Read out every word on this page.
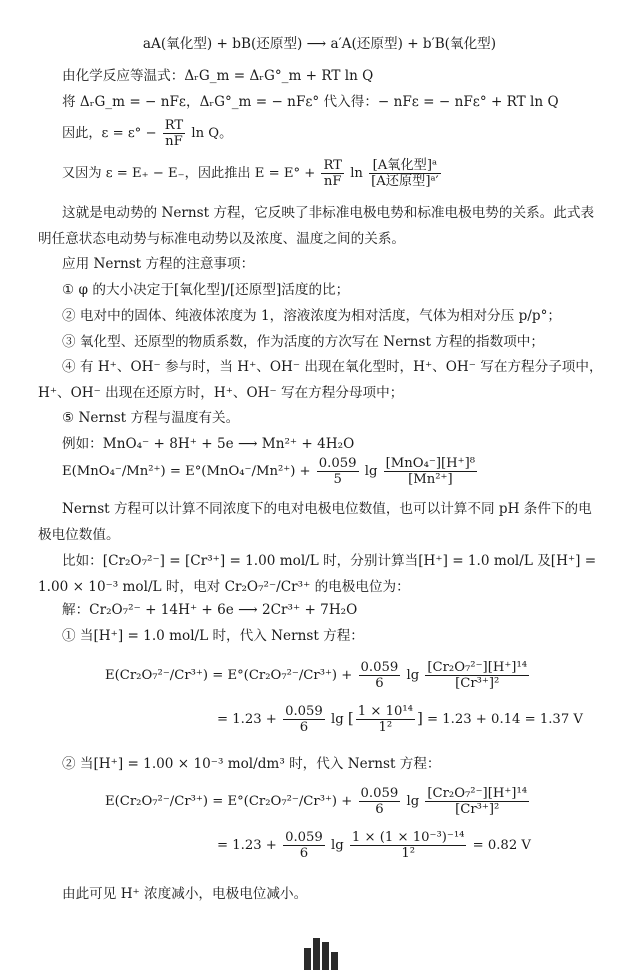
aA(氧化型) + bB(还原型) ⟶ a′A(还原型) + b′B(氧化型)
由化学反应等温式：ΔᵣG_m = ΔᵣG°_m + RT ln Q
将 ΔᵣG_m = − nFε，ΔᵣG°_m = − nFε° 代入得：− nFε = − nFε° + RT ln Q
因此，$\varepsilon = \varepsilon^\circ - \frac{RT}{nF}$ ln Q。
又因为 ε = E₊ − E₋，因此推出 $E = E^\circ + \frac{RT}{nF}$ $\ln \frac{\text{[A氧化型]ᵃ}}{\text{[A还原型]ᵃ′}}$
这就是电动势的 Nernst 方程，它反映了非标准电极电势和标准电极电势的关系。此式表明任意状态电动势与标准电动势以及浓度、温度之间的关系。
应用 Nernst 方程的注意事项：
① φ 的大小决定于[氧化型]/[还原型]活度的比；
② 电对中的固体、纯液体浓度为 1，溶液浓度为相对活度，气体为相对分压 p/p°；
③ 氧化型、还原型的物质系数，作为活度的方次写在 Nernst 方程的指数项中；
④ 有 H⁺、OH⁻ 参与时，当 H⁺、OH⁻ 出现在氧化型时，H⁺、OH⁻ 写在方程分子项中，H⁺、OH⁻ 出现在还原方时，H⁺、OH⁻ 写在方程分母项中；
⑤ Nernst 方程与温度有关。
例如：MnO₄⁻ + 8H⁺ + 5e ⟶ Mn²⁺ + 4H₂O
$E(MnO_4^-/Mn^{2+}) = E^\circ(MnO_4^-/Mn^{2+}) + \frac{0.059}{5}$ $\lg \frac{\text{[MnO₄⁻][H⁺]⁸}}{\text{[Mn²⁺]}}$
Nernst 方程可以计算不同浓度下的电对电极电位数值，也可以计算不同 pH 条件下的电极电位数值。
比如：[Cr₂O₇²⁻] = [Cr³⁺] = 1.00 mol/L 时，分别计算当[H⁺] = 1.0 mol/L 及[H⁺] = 1.00 × 10⁻³ mol/L 时，电对 Cr₂O₇²⁻/Cr³⁺ 的电极电位为：
解：Cr₂O₇²⁻ + 14H⁺ + 6e ⟶ 2Cr³⁺ + 7H₂O
① 当[H⁺] = 1.0 mol/L 时，代入 Nernst 方程：
$E(Cr_2O_7^{2-}/Cr^{3+}) = E^\circ(Cr_2O_7^{2-}/Cr^{3+}) + \frac{0.059}{6}$ $\lg \frac{\text{[Cr₂O₇²⁻][H⁺]¹⁴}}{\text{[Cr³⁺]²}}$
= $1.23 + \frac{0.059}{6}$ lg [ $\frac{\text{1 × 10¹⁴}}{\text{1²}}$ ] = 1.23 + 0.14 = 1.37 V
② 当[H⁺] = 1.00 × 10⁻³ mol/dm³ 时，代入 Nernst 方程：
$E(Cr_2O_7^{2-}/Cr^{3+}) = E^\circ(Cr_2O_7^{2-}/Cr^{3+}) + \frac{0.059}{6}$ $\lg \frac{\text{[Cr₂O₇²⁻][H⁺]¹⁴}}{\text{[Cr³⁺]²}}$
= $1.23 + \frac{0.059}{6}$ $\lg \frac{\text{1 × (1 × 10⁻³)⁻¹⁴}}{\text{1²}} = 0.82$ V
由此可见 H⁺ 浓度减小，电极电位减小。
